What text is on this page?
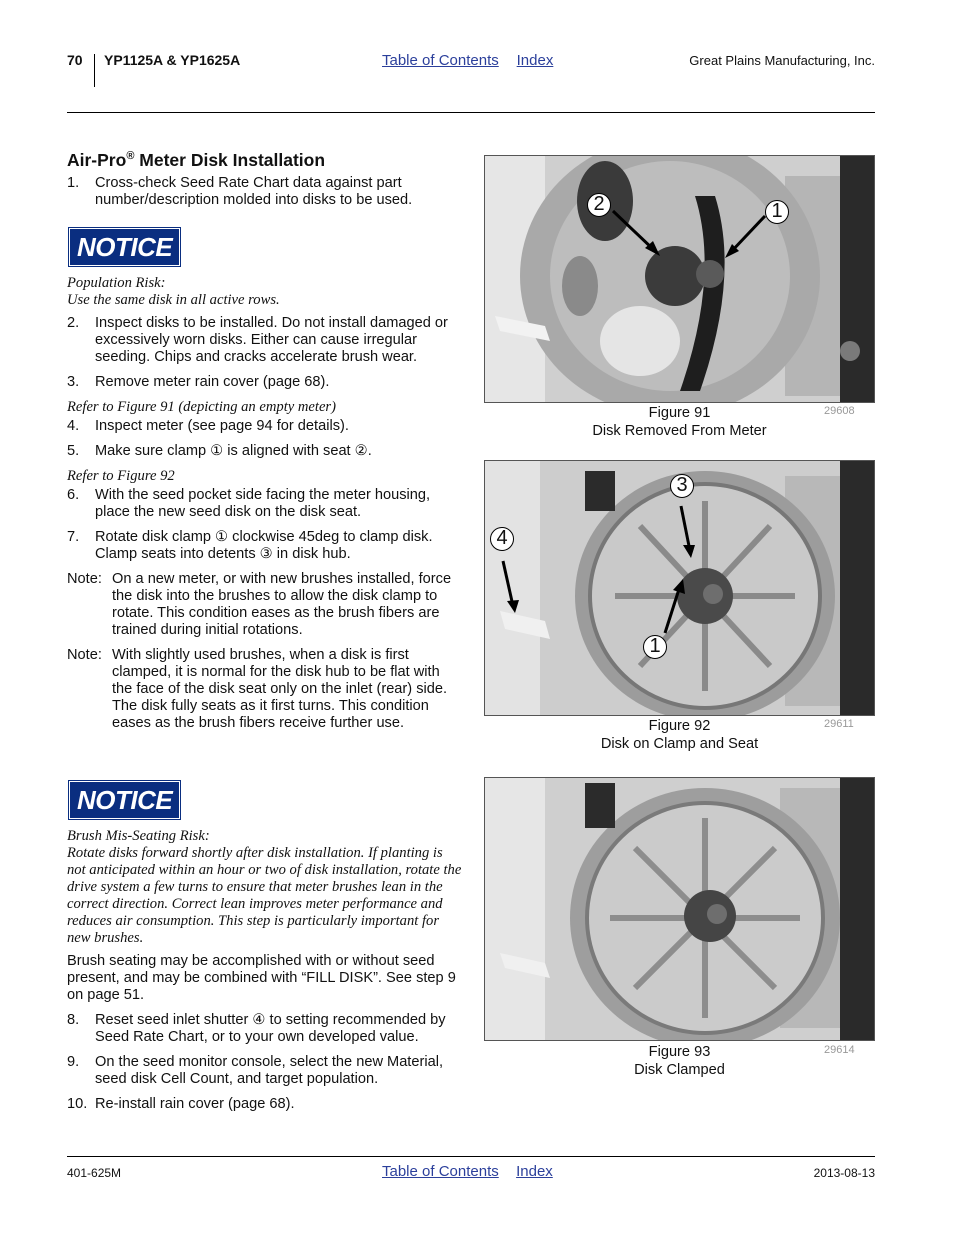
70 YP1125A & YP1625A	Table of Contents Index	Great Plains Manufacturing, Inc.
Air-Pro® Meter Disk Installation
1.	Cross-check Seed Rate Chart data against part number/description molded into disks to be used.
NOTICE
Population Risk:
Use the same disk in all active rows.
2.	Inspect disks to be installed. Do not install damaged or excessively worn disks. Either can cause irregular seeding. Chips and cracks accelerate brush wear.
3.	Remove meter rain cover (page 68).
Refer to Figure 91 (depicting an empty meter)
4.	Inspect meter (see page 94 for details).
5.	Make sure clamp ① is aligned with seat ②.
Refer to Figure 92
6.	With the seed pocket side facing the meter housing, place the new seed disk on the disk seat.
7.	Rotate disk clamp ① clockwise 45deg to clamp disk. Clamp seats into detents ③ in disk hub.
Note: On a new meter, or with new brushes installed, force the disk into the brushes to allow the disk clamp to rotate. This condition eases as the brush fibers are trained during initial rotations.
Note: With slightly used brushes, when a disk is first clamped, it is normal for the disk hub to be flat with the face of the disk seat only on the inlet (rear) side. The disk fully seats as it first turns. This condition eases as the brush fibers receive further use.
NOTICE
Brush Mis-Seating Risk:
Rotate disks forward shortly after disk installation. If planting is not anticipated within an hour or two of disk installation, rotate the drive system a few turns to ensure that meter brushes lean in the correct direction. Correct lean improves meter performance and reduces air consumption. This step is particularly important for new brushes.
Brush seating may be accomplished with or without seed present, and may be combined with “FILL DISK”. See step 9 on page 51.
8.	Reset seed inlet shutter ④ to setting recommended by Seed Rate Chart, or to your own developed value.
9.	On the seed monitor console, select the new Material, seed disk Cell Count, and target population.
10. Re-install rain cover (page 68).
2	1
Figure 91
Disk Removed From Meter
29608
3
4
1
Figure 92
Disk on Clamp and Seat
29611
Figure 93
Disk Clamped
29614
401-625M	Table of Contents Index	2013-08-13
